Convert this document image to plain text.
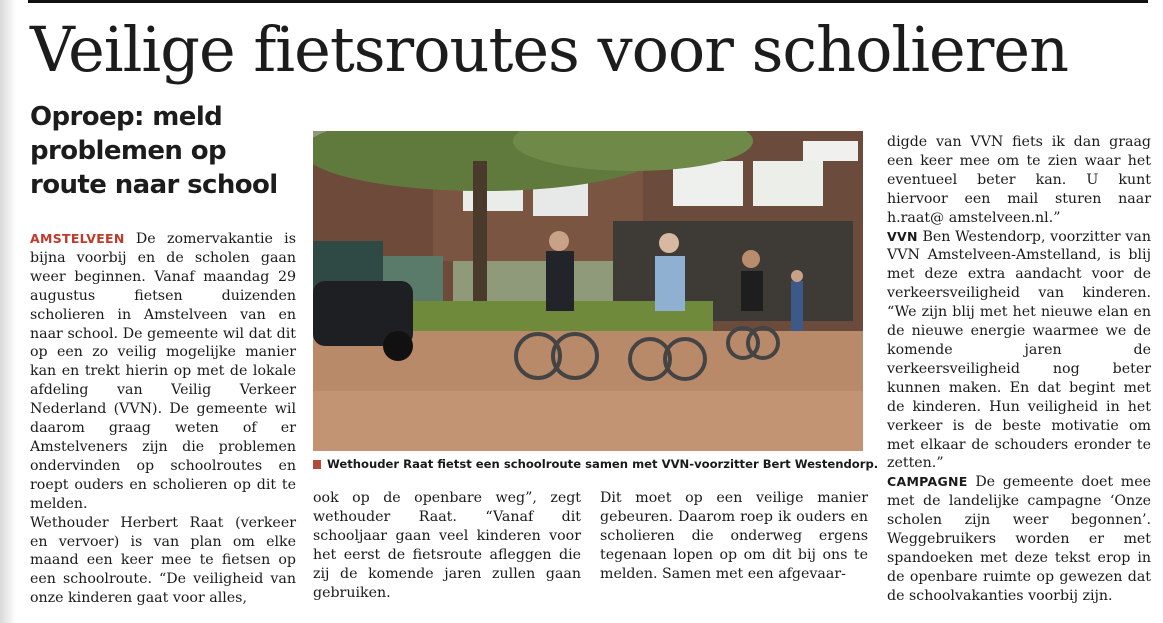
Veilige fietsroutes voor scholieren
Oproep: meld problemen op route naar school

AMSTELVEEN De zomervakantie is bijna voorbij en de scholen gaan weer beginnen. Vanaf maandag 29 augustus fietsen duizenden scholieren in Amstelveen van en naar school. De gemeente wil dat dit op een zo veilig mogelijke manier kan en trekt hierin op met de lokale afdeling van Veilig Verkeer Nederland (VVN). De gemeente wil daarom graag weten of er Amstelveners zijn die problemen ondervinden op schoolroutes en roept ouders en scholieren op dit te melden.

Wethouder Herbert Raat (verkeer en vervoer) is van plan om elke maand een keer mee te fietsen op een schoolroute. “De veiligheid van onze kinderen gaat voor alles,

Wethouder Raat fietst een schoolroute samen met VVN-voorzitter Bert Westendorp.

ook op de openbare weg”, zegt wethouder Raat. “Vanaf dit schooljaar gaan veel kinderen voor het eerst de fietsroute afleggen die zij de komende jaren zullen gaan gebruiken.

Dit moet op een veilige manier gebeuren. Daarom roep ik ouders en scholieren die onderweg ergens tegenaan lopen op om dit bij ons te melden. Samen met een afgevaar-

digde van VVN fiets ik dan graag een keer mee om te zien waar het eventueel beter kan. U kunt hiervoor een mail sturen naar h.raat@ amstelveen.nl.”

VVN Ben Westendorp, voorzitter van VVN Amstelveen-Amstelland, is blij met deze extra aandacht voor de verkeersveiligheid van kinderen. “We zijn blij met het nieuwe elan en de nieuwe energie waarmee we de komende jaren de verkeersveiligheid nog beter kunnen maken. En dat begint met de kinderen. Hun veiligheid in het verkeer is de beste motivatie om met elkaar de schouders eronder te zetten.”

CAMPAGNE De gemeente doet mee met de landelijke campagne ‘Onze scholen zijn weer begonnen’. Weggebruikers worden er met spandoeken met deze tekst erop in de openbare ruimte op gewezen dat de schoolvakanties voorbij zijn.
